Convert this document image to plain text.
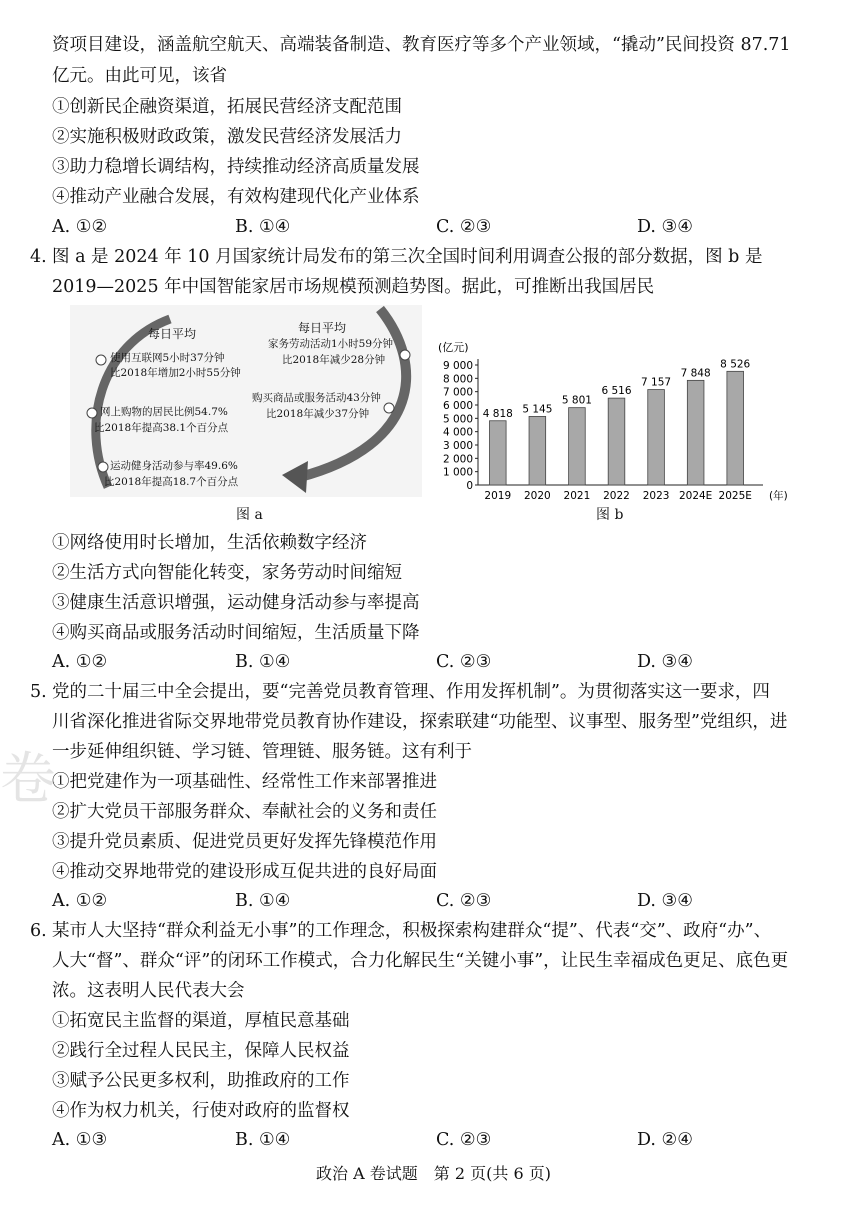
资项目建设，涵盖航空航天、高端装备制造、教育医疗等多个产业领域，“撬动”民间投资 87.71
亿元。由此可见，该省
①创新民企融资渠道，拓展民营经济支配范围
②实施积极财政政策，激发民营经济发展活力
③助力稳增长调结构，持续推动经济高质量发展
④推动产业融合发展，有效构建现代化产业体系
A. ①②	B. ①④	C. ②③	D. ③④
4. 图 a 是 2024 年 10 月国家统计局发布的第三次全国时间利用调查公报的部分数据，图 b 是
2019—2025 年中国智能家居市场规模预测趋势图。据此，可推断出我国居民
每日平均
使用互联网5小时37分钟
比2018年增加2小时55分钟
网上购物的居民比例54.7%
比2018年提高38.1个百分点
运动健身活动参与率49.6%
比2018年提高18.7个百分点
每日平均
家务劳动活动1小时59分钟
比2018年减少28分钟
购买商品或服务活动43分钟
比2018年减少37分钟
图 a
(亿元)
0
1 000
2 000
3 000
4 000
5 000
6 000
7 000
8 000
9 000
4 818
2019
5 145
2020
5 801
2021
6 516
2022
7 157
2023
7 848
2024E
8 526
2025E (年)
图 b
①网络使用时长增加，生活依赖数字经济
②生活方式向智能化转变，家务劳动时间缩短
③健康生活意识增强，运动健身活动参与率提高
④购买商品或服务活动时间缩短，生活质量下降
A. ①②	B. ①④	C. ②③	D. ③④
卷
5. 党的二十届三中全会提出，要“完善党员教育管理、作用发挥机制”。为贯彻落实这一要求，四
川省深化推进省际交界地带党员教育协作建设，探索联建“功能型、议事型、服务型”党组织，进
一步延伸组织链、学习链、管理链、服务链。这有利于
①把党建作为一项基础性、经常性工作来部署推进
②扩大党员干部服务群众、奉献社会的义务和责任
③提升党员素质、促进党员更好发挥先锋模范作用
④推动交界地带党的建设形成互促共进的良好局面
A. ①②	B. ①④	C. ②③	D. ③④
6. 某市人大坚持“群众利益无小事”的工作理念，积极探索构建群众“提”、代表“交”、政府“办”、
人大“督”、群众“评”的闭环工作模式，合力化解民生“关键小事”，让民生幸福成色更足、底色更
浓。这表明人民代表大会
①拓宽民主监督的渠道，厚植民意基础
②践行全过程人民民主，保障人民权益
③赋予公民更多权利，助推政府的工作
④作为权力机关，行使对政府的监督权
A. ①③	B. ①④	C. ②③	D. ②④
政治 A 卷试题　第 2 页(共 6 页)
